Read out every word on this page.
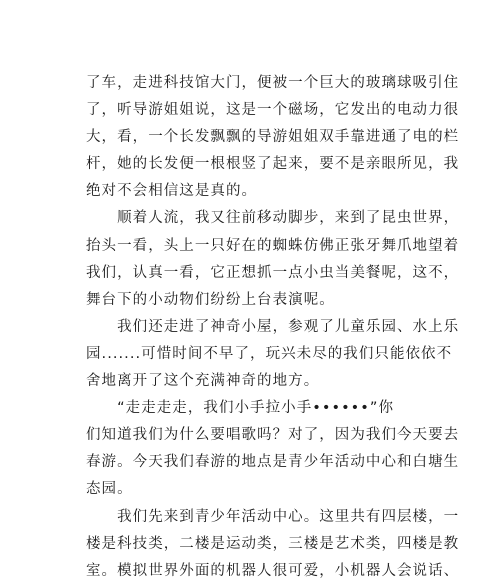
了车，走进科技馆大门，便被一个巨大的玻璃球吸引住
了，听导游姐姐说，这是一个磁场，它发出的电动力很
大，看，一个长发飘飘的导游姐姐双手靠进通了电的栏
杆，她的长发便一根根竖了起来，要不是亲眼所见，我
绝对不会相信这是真的。
　　顺着人流，我又往前移动脚步，来到了昆虫世界，
抬头一看，头上一只好在的蜘蛛仿佛正张牙舞爪地望着
我们，认真一看，它正想抓一点小虫当美餐呢，这不，
舞台下的小动物们纷纷上台表演呢。
　　我们还走进了神奇小屋，参观了儿童乐园、水上乐
园.......可惜时间不早了，玩兴未尽的我们只能依依不
舍地离开了这个充满神奇的地方。
　　“走走走走，我们小手拉小手••••••”你
们知道我们为什么要唱歌吗？对了，因为我们今天要去
春游。今天我们春游的地点是青少年活动中心和白塘生
态园。
　　我们先来到青少年活动中心。这里共有四层楼，一
楼是科技类，二楼是运动类，三楼是艺术类，四楼是教
室。模拟世界外面的机器人很可爱，小机器人会说话、
